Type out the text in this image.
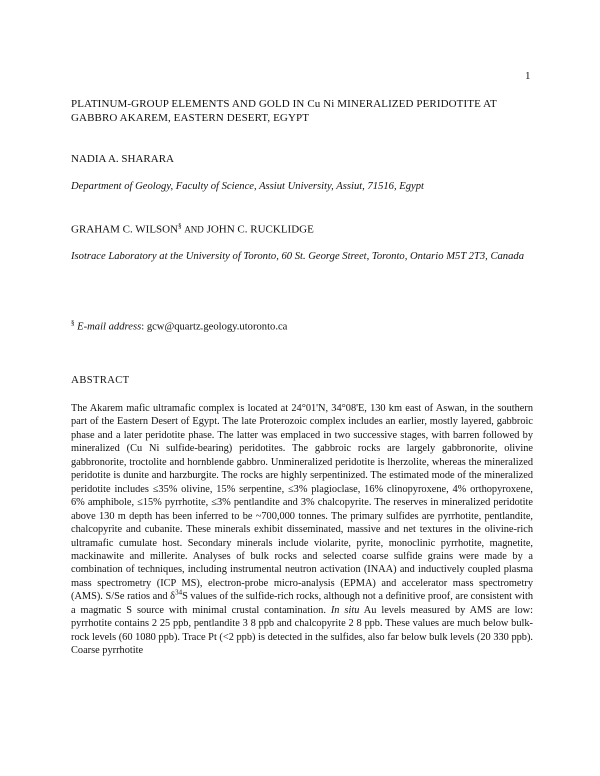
1
PLATINUM-GROUP ELEMENTS AND GOLD IN Cu Ni MINERALIZED PERIDOTITE AT GABBRO AKAREM, EASTERN DESERT, EGYPT
NADIA A. SHARARA
Department of Geology, Faculty of Science, Assiut University, Assiut, 71516, Egypt
GRAHAM C. WILSON§ AND JOHN C. RUCKLIDGE
Isotrace Laboratory at the University of Toronto, 60 St. George Street, Toronto, Ontario M5T 2T3, Canada
§ E-mail address: gcw@quartz.geology.utoronto.ca
ABSTRACT
The Akarem mafic ultramafic complex is located at 24°01'N, 34°08'E, 130 km east of Aswan, in the southern part of the Eastern Desert of Egypt. The late Proterozoic complex includes an earlier, mostly layered, gabbroic phase and a later peridotite phase. The latter was emplaced in two successive stages, with barren followed by mineralized (Cu Ni sulfide-bearing) peridotites. The gabbroic rocks are largely gabbronorite, olivine gabbronorite, troctolite and hornblende gabbro. Unmineralized peridotite is lherzolite, whereas the mineralized peridotite is dunite and harzburgite. The rocks are highly serpentinized. The estimated mode of the mineralized peridotite includes ≤35% olivine, 15% serpentine, ≤3% plagioclase, 16% clinopyroxene, 4% orthopyroxene, 6% amphibole, ≤15% pyrrhotite, ≤3% pentlandite and 3% chalcopyrite. The reserves in mineralized peridotite above 130 m depth has been inferred to be ~700,000 tonnes. The primary sulfides are pyrrhotite, pentlandite, chalcopyrite and cubanite. These minerals exhibit disseminated, massive and net textures in the olivine-rich ultramafic cumulate host. Secondary minerals include violarite, pyrite, monoclinic pyrrhotite, magnetite, mackinawite and millerite. Analyses of bulk rocks and selected coarse sulfide grains were made by a combination of techniques, including instrumental neutron activation (INAA) and inductively coupled plasma mass spectrometry (ICP MS), electron-probe micro-analysis (EPMA) and accelerator mass spectrometry (AMS). S/Se ratios and $\delta^{34}S$ values of the sulfide-rich rocks, although not a definitive proof, are consistent with a magmatic S source with minimal crustal contamination. In situ Au levels measured by AMS are low: pyrrhotite contains 2 25 ppb, pentlandite 3 8 ppb and chalcopyrite 2 8 ppb. These values are much below bulk-rock levels (60 1080 ppb). Trace Pt (<2 ppb) is detected in the sulfides, also far below bulk levels (20 330 ppb). Coarse pyrrhotite
